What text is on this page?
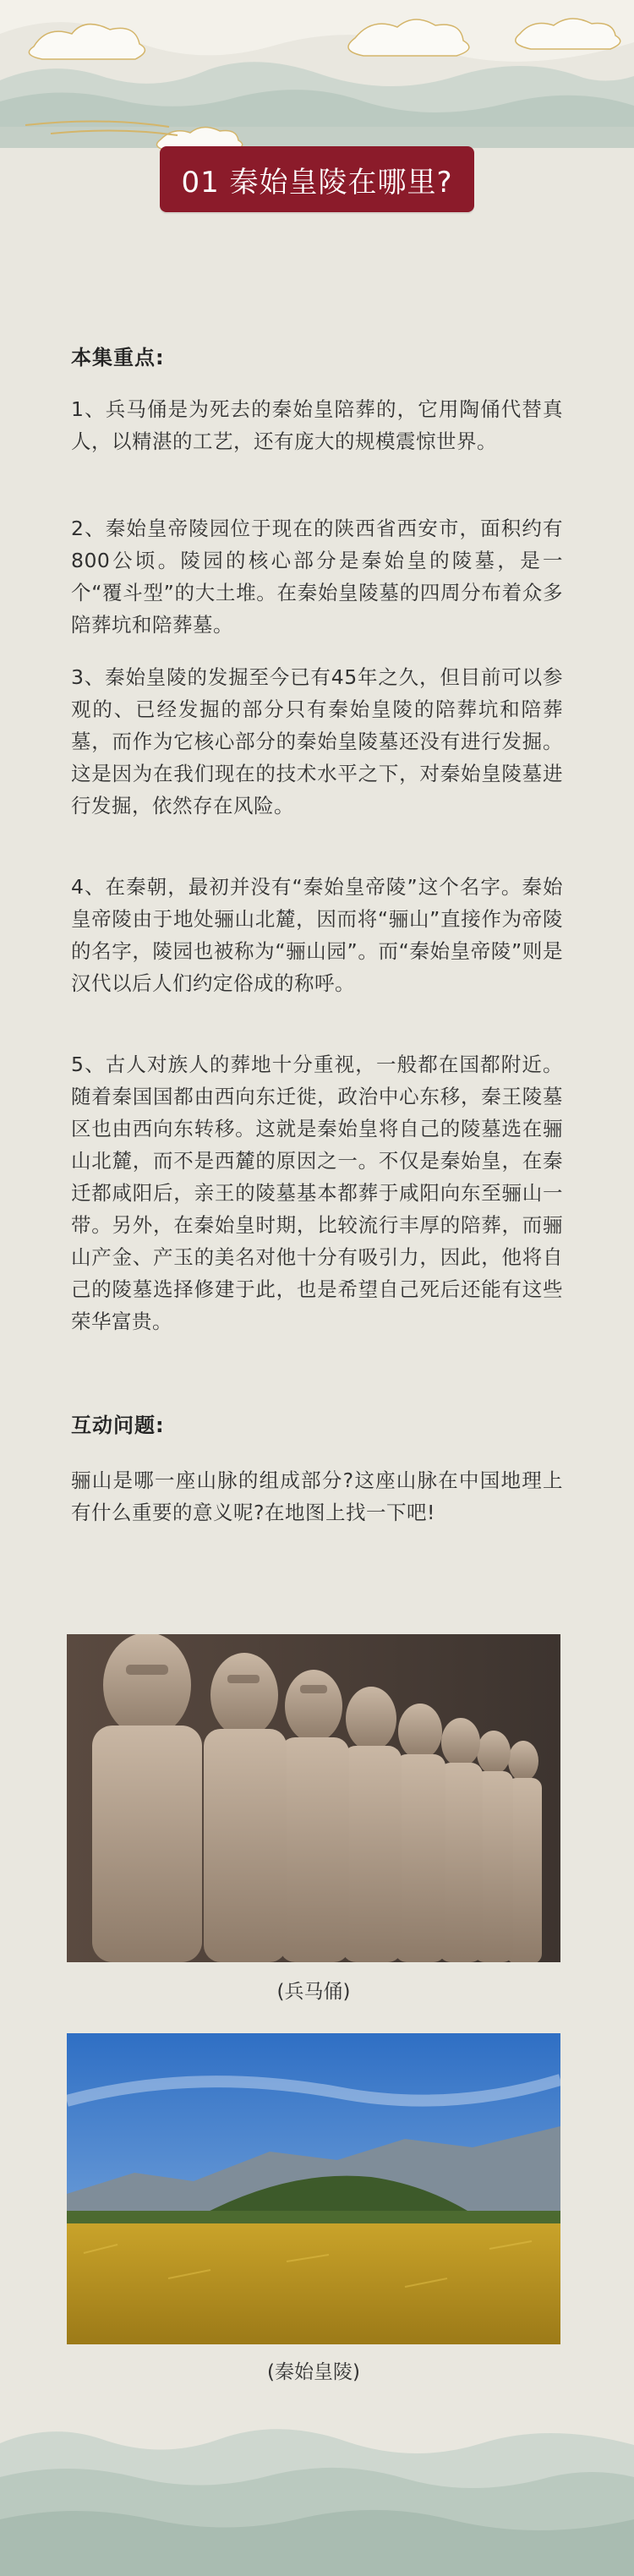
01 秦始皇陵在哪里?
本集重点:
1、兵马俑是为死去的秦始皇陪葬的，它用陶俑代替真人，以精湛的工艺，还有庞大的规模震惊世界。
2、秦始皇帝陵园位于现在的陕西省西安市，面积约有800公顷。陵园的核心部分是秦始皇的陵墓，是一个“覆斗型”的大土堆。在秦始皇陵墓的四周分布着众多陪葬坑和陪葬墓。
3、秦始皇陵的发掘至今已有45年之久，但目前可以参观的、已经发掘的部分只有秦始皇陵的陪葬坑和陪葬墓，而作为它核心部分的秦始皇陵墓还没有进行发掘。这是因为在我们现在的技术水平之下，对秦始皇陵墓进行发掘，依然存在风险。
4、在秦朝，最初并没有“秦始皇帝陵”这个名字。秦始皇帝陵由于地处骊山北麓，因而将“骊山”直接作为帝陵的名字，陵园也被称为“骊山园”。而“秦始皇帝陵”则是汉代以后人们约定俗成的称呼。
5、古人对族人的葬地十分重视，一般都在国都附近。随着秦国国都由西向东迁徙，政治中心东移，秦王陵墓区也由西向东转移。这就是秦始皇将自己的陵墓选在骊山北麓，而不是西麓的原因之一。不仅是秦始皇，在秦迁都咸阳后，亲王的陵墓基本都葬于咸阳向东至骊山一带。另外，在秦始皇时期，比较流行丰厚的陪葬，而骊山产金、产玉的美名对他十分有吸引力，因此，他将自己的陵墓选择修建于此，也是希望自己死后还能有这些荣华富贵。
互动问题:
骊山是哪一座山脉的组成部分?这座山脉在中国地理上有什么重要的意义呢?在地图上找一下吧!
(兵马俑)
(秦始皇陵)
